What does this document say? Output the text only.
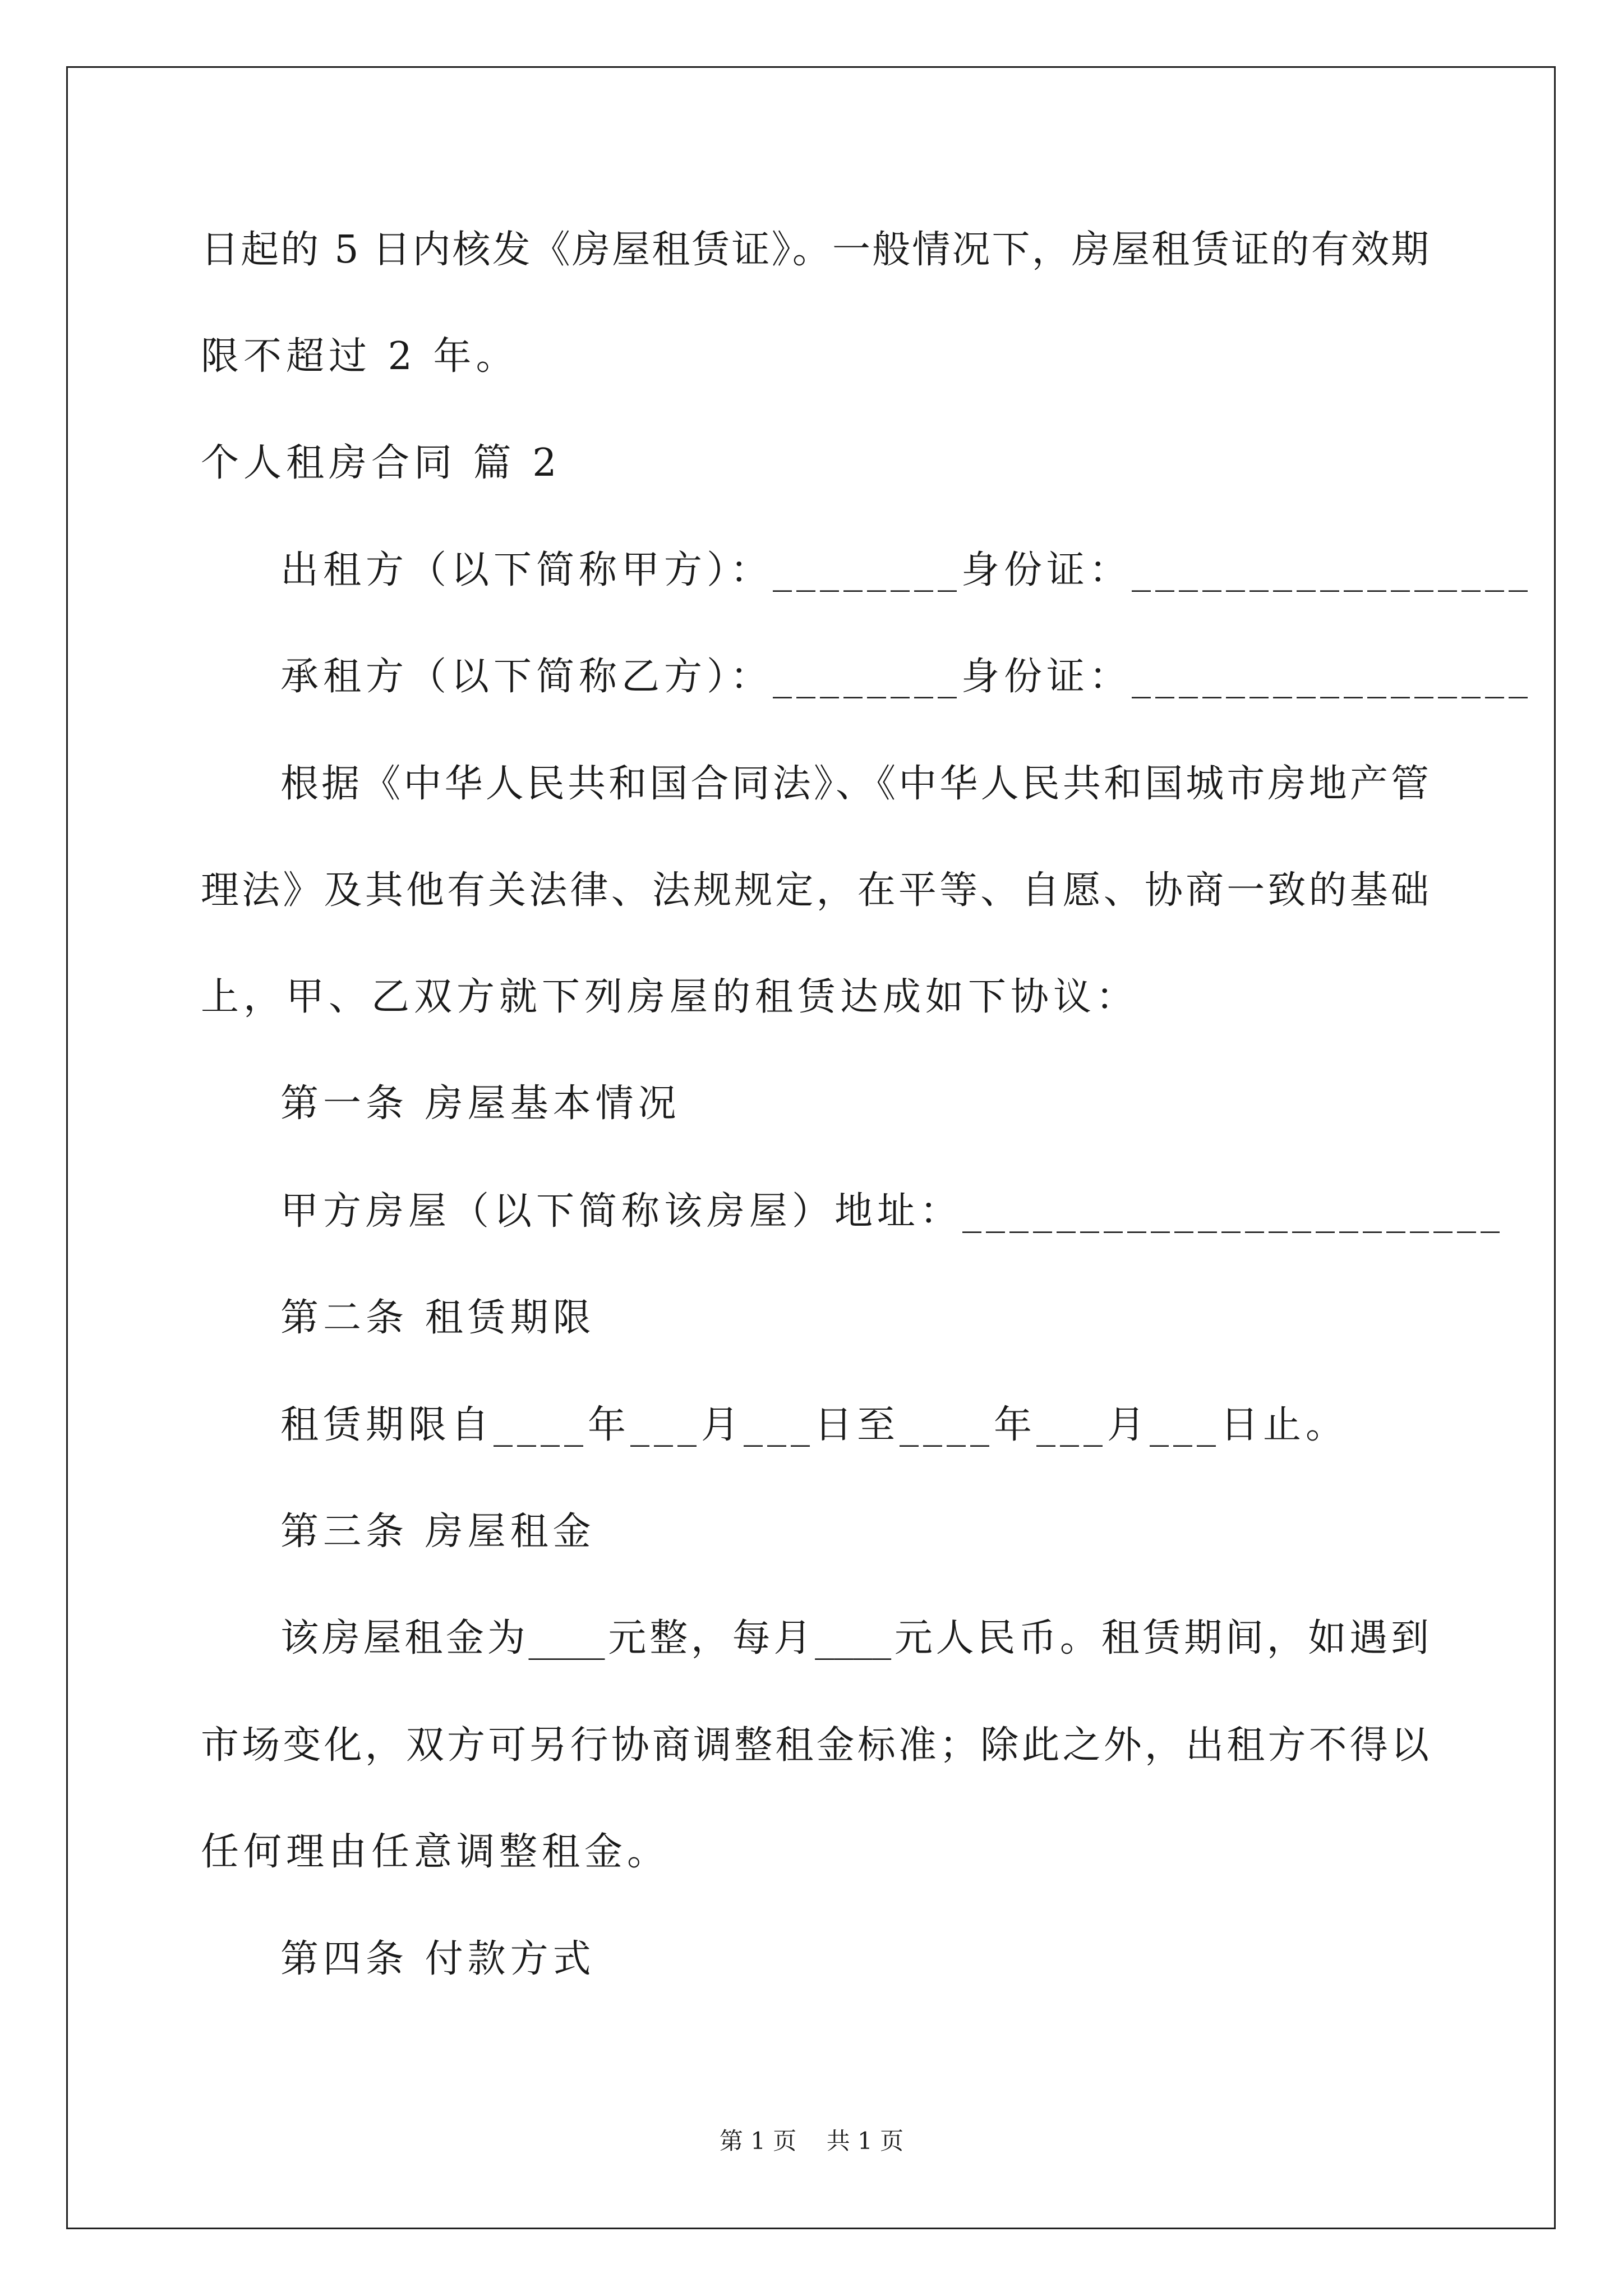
日起的 5 日内核发《房屋租赁证》。一般情况下，房屋租赁证的有效期
限不超过 2 年。
个人租房合同 篇 2
出租方（以下简称甲方）：________身份证：_________________
承租方（以下简称乙方）：________身份证：_________________
根据《中华人民共和国合同法》、《中华人民共和国城市房地产管
理法》及其他有关法律、法规规定，在平等、自愿、协商一致的基础
上，甲、乙双方就下列房屋的租赁达成如下协议：
第一条 房屋基本情况
甲方房屋（以下简称该房屋）地址：_______________________
第二条 租赁期限
租赁期限自____年___月___日至____年___月___日止。
第三条 房屋租金
该房屋租金为____元整，每月____元人民币。租赁期间，如遇到
市场变化，双方可另行协商调整租金标准；除此之外，出租方不得以
任何理由任意调整租金。
第四条 付款方式
第 1 页    共 1 页
